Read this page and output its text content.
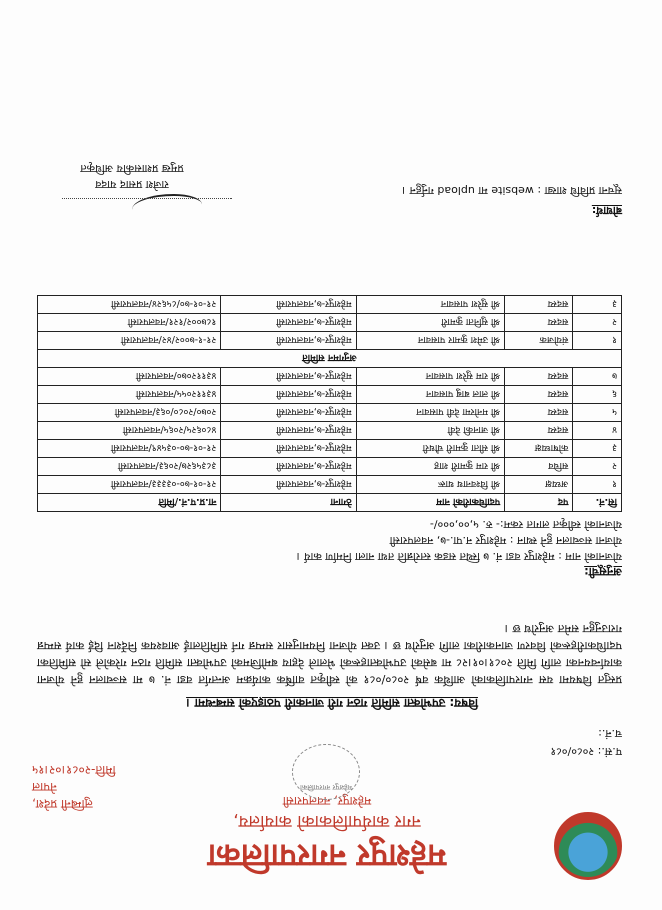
महेशपुर नगरपालिका
नगर कार्यपालिकाको कार्यालय,
महेशपुर, नवलपरासी
लुम्बिनी प्रदेश,
नेपाल
मिति-२०८१।०२।१५
महेशपुर नगरपालिका
प.सं.: २०८०/०८१
च.नं.:
विषय: उपभोक्ता समिति गठन गरी जानकारी पठाइएको सम्बन्धमा ।
प्रस्तुत विषयमा यस नगरपालिकाको आर्थिक वर्ष २०८०/०८१ को स्वीकृत वार्षिक कार्यक्रम अन्तर्गत वडा नं. ७ मा सञ्चालन हुने योजना कार्यान्वयनका लागि मिति २०८१।०१।२८ मा बसेको उपभोक्ताहरूको भेलाले देहाय बमोजिमको उपभोक्ता समिति गठन गरेकोले सो समितिका पदाधिकारीहरूको विवरण जानकारीका लागि अनुरोध छ । उक्त योजना नियमानुसार सम्पन्न गर्न समितिलाई आवश्यक निर्देशन दिई कार्य सम्पन्न गराउनुहुन समेत अनुरोध छ ।
अनुसूची:
योजनाको नाम : महेशपुर वडा नं. ७ स्थित सडक स्तरोन्नति तथा नाला निर्माण कार्य ।
योजना सञ्चालन हुने स्थान : महेशपुर न.पा.-७, नवलपरासी
योजनाको स्वीकृत लागत रकम:- रु. ५,००,०००/-
सि.नं.	पद	पदाधिकारीको नाम	ठेगाना	ना.प्र.प.नं./मिति
१	अध्यक्ष	श्री विश्वनाथ थारू	महेशपुर-७,नवलपरासी	२१-०१-७०-०३३३३/नवलपरासी
२	सचिव	श्री राम कुमारी शाह	महेशपुर-७,नवलपरासी	३८३५६२७/२०६३/नवलपरासी
३	कोषाध्यक्ष	श्री सीता कुमारी चौधरी	महेशपुर-७,नवलपरासी	२१-०१-७०-०३५४९/नवलपरासी
४	सदस्य	श्री जानकी देवी	महेशपुर-७,नवलपरासी	४८०६२५/२०६५/नवलपरासी
५	सदस्य	श्री मनोरमा देवी पासवान	महेशपुर-७,नवलपरासी	२०७०/२०८०/०६३/नवलपरासी
६	सदस्य	श्री लाल बाबु पासवान	महेशपुर-७,नवलपरासी	४३११२०५५/नवलपरासी
७	सदस्य	श्री राम सुरेश पासवान	महेशपुर-७,नवलपरासी	४३११२०७०/नवलपरासी
अनुगमन समिति				
१	संयोजक	श्री उमेश कुमार पासवान	महेशपुर-७,नवलपरासी	२१-१-७००२/४२/नवलपरासी
२	सदस्य	श्री सुनिता कुमारी	महेशपुर-७,नवलपरासी	१८७००२/१२१/नवलपरासी
३	सदस्य	श्री सुरेश पासवान	महेशपुर-७,नवलपरासी	२१-०१-७०/८५६२४/नवलपरासी
बोधार्थ:
सूचना प्रविधि शाखा : website मा upload गर्नुहुन ।
राजेश प्रसाद यादव
प्रमुख प्रशासकीय अधिकृत
